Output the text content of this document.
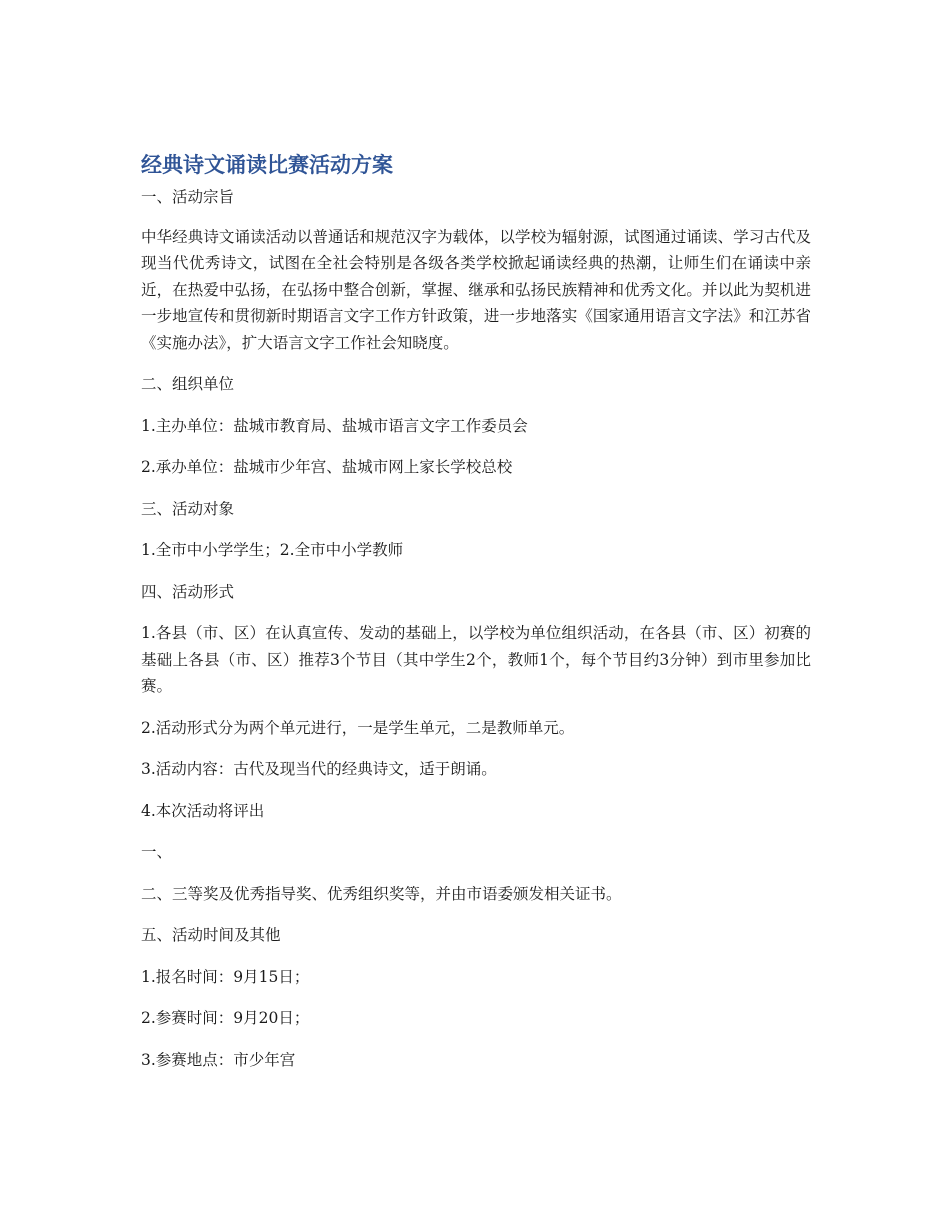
经典诗文诵读比赛活动方案

一、活动宗旨

中华经典诗文诵读活动以普通话和规范汉字为载体，以学校为辐射源，试图通过诵读、学习古代及现当代优秀诗文，试图在全社会特别是各级各类学校掀起诵读经典的热潮，让师生们在诵读中亲近，在热爱中弘扬，在弘扬中整合创新，掌握、继承和弘扬民族精神和优秀文化。并以此为契机进一步地宣传和贯彻新时期语言文字工作方针政策，进一步地落实《国家通用语言文字法》和江苏省《实施办法》，扩大语言文字工作社会知晓度。

二、组织单位

1.主办单位：盐城市教育局、盐城市语言文字工作委员会

2.承办单位：盐城市少年宫、盐城市网上家长学校总校

三、活动对象

1.全市中小学学生；2.全市中小学教师

四、活动形式

1.各县（市、区）在认真宣传、发动的基础上，以学校为单位组织活动，在各县（市、区）初赛的基础上各县（市、区）推荐3个节目（其中学生2个，教师1个，每个节目约3分钟）到市里参加比赛。

2.活动形式分为两个单元进行，一是学生单元，二是教师单元。

3.活动内容：古代及现当代的经典诗文，适于朗诵。

4.本次活动将评出

一、

二、三等奖及优秀指导奖、优秀组织奖等，并由市语委颁发相关证书。

五、活动时间及其他

1.报名时间：9月15日；

2.参赛时间：9月20日；

3.参赛地点：市少年宫
